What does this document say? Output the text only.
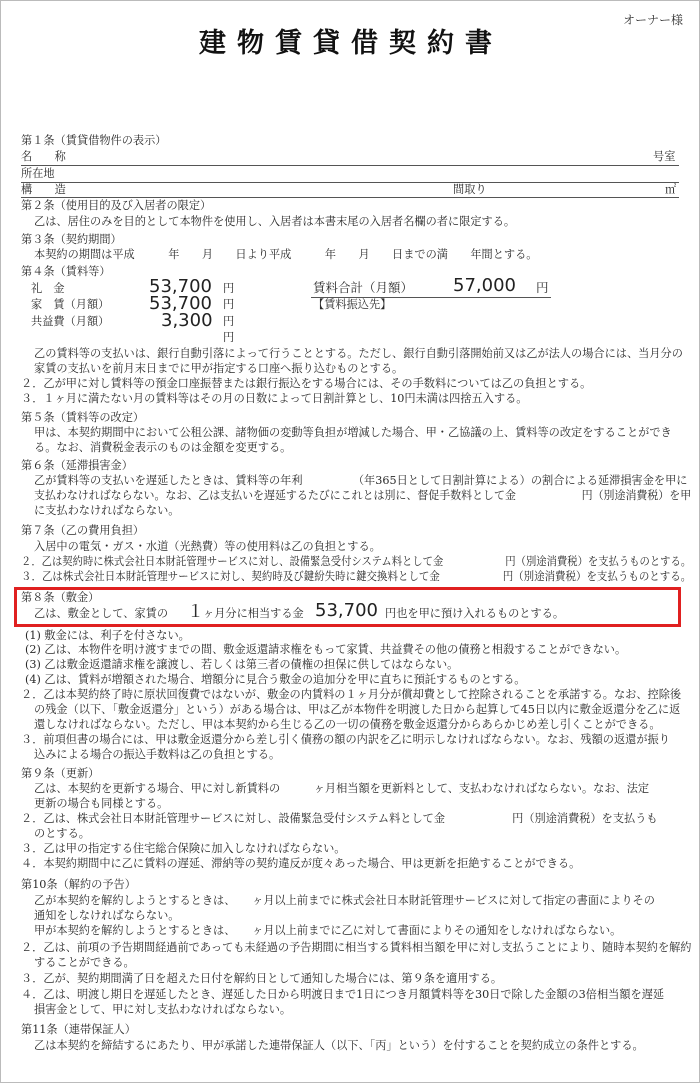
オーナー様
建物賃貸借契約書
第１条（賃貸借物件の表示）
名　　称	号室
所在地
構　　造	間取り	㎡
第２条（使用目的及び入居者の限定）
乙は、居住のみを目的として本物件を使用し、入居者は本書末尾の入居者名欄の者に限定する。
第３条（契約期間）
本契約の期間は平成　　　年　　月　　日より平成　　　年　　月　　日までの満　　年間とする。
第４条（賃料等）
礼　金	53,700 円
家　賃（月額） 53,700 円
共益費（月額）	3,300 円
円
賃料合計（月額） 57,000 円
【賃料振込先】
乙の賃料等の支払いは、銀行自動引落によって行うこととする。ただし、銀行自動引落開始前又は乙が法人の場合には、当月分の
家賃の支払いを前月末日までに甲が指定する口座へ振り込むものとする。
２．乙が甲に対し賃料等の預金口座振替または銀行振込をする場合には、その手数料については乙の負担とする。
３．１ヶ月に満たない月の賃料等はその月の日数によって日割計算とし、10円未満は四捨五入する。
第５条（賃料等の改定）
甲は、本契約期間中において公租公課、諸物価の変動等負担が増減した場合、甲・乙協議の上、賃料等の改定をすることができ
る。なお、消費税金表示のものは金額を変更する。
第６条（延滞損害金）
乙が賃料等の支払いを遅延したときは、賃料等の年利　　　　　（年365日として日割計算による）の割合による延滞損害金を甲に
支払わなければならない。なお、乙は支払いを遅延するたびにこれとは別に、督促手数料として金　　　　　　円（別途消費税）を甲
に支払わなければならない。
第７条（乙の費用負担）
入居中の電気・ガス・水道（光熱費）等の使用料は乙の負担とする。
２．乙は契約時に株式会社日本財託管理サービスに対し、設備緊急受付システム料として金　　　　　　円（別途消費税）を支払うものとする。
３．乙は株式会社日本財託管理サービスに対し、契約時及び鍵紛失時に鍵交換料として金　　　　　　円（別途消費税）を支払うものとする。
第８条（敷金）
乙は、敷金として、家賃の １ ヶ月分に相当する金 53,700 円也を甲に預け入れるものとする。
(1) 敷金には、利子を付さない。
(2) 乙は、本物件を明け渡すまでの間、敷金返還請求権をもって家賃、共益費その他の債務と相殺することができない。
(3) 乙は敷金返還請求権を譲渡し、若しくは第三者の債権の担保に供してはならない。
(4) 乙は、賃料が増額された場合、増額分に見合う敷金の追加分を甲に直ちに預託するものとする。
２．乙は本契約終了時に原状回復費ではないが、敷金の内賃料の１ヶ月分が償却費として控除されることを承諾する。なお、控除後
の残金（以下、「敷金返還分」という）がある場合は、甲は乙が本物件を明渡した日から起算して45日以内に敷金返還分を乙に返
還しなければならない。ただし、甲は本契約から生じる乙の一切の債務を敷金返還分からあらかじめ差し引くことができる。
３．前項但書の場合には、甲は敷金返還分から差し引く債務の額の内訳を乙に明示しなければならない。なお、残額の返還が振り
込みによる場合の振込手数料は乙の負担とする。
第９条（更新）
乙は、本契約を更新する場合、甲に対し新賃料の　　　ヶ月相当額を更新料として、支払わなければならない。なお、法定
更新の場合も同様とする。
２．乙は、株式会社日本財託管理サービスに対し、設備緊急受付システム料として金　　　　　　円（別途消費税）を支払うも
のとする。
３．乙は甲の指定する住宅総合保険に加入しなければならない。
４．本契約期間中に乙に賃料の遅延、滞納等の契約違反が度々あった場合、甲は更新を拒絶することができる。
第10条（解約の予告）
乙が本契約を解約しようとするときは、　　ヶ月以上前までに株式会社日本財託管理サービスに対して指定の書面によりその
通知をしなければならない。
甲が本契約を解約しようとするときは、　　ヶ月以上前までに乙に対して書面によりその通知をしなければならない。
２．乙は、前項の予告期間経過前であっても未経過の予告期間に相当する賃料相当額を甲に対し支払うことにより、随時本契約を解約
することができる。
３．乙が、契約期間満了日を超えた日付を解約日として通知した場合には、第９条を適用する。
４．乙は、明渡し期日を遅延したとき、遅延した日から明渡日まで1日につき月額賃料等を30日で除した金額の3倍相当額を遅延
損害金として、甲に対し支払わなければならない。
第11条（連帯保証人）
乙は本契約を締結するにあたり、甲が承諾した連帯保証人（以下、「丙」という）を付することを契約成立の条件とする。
